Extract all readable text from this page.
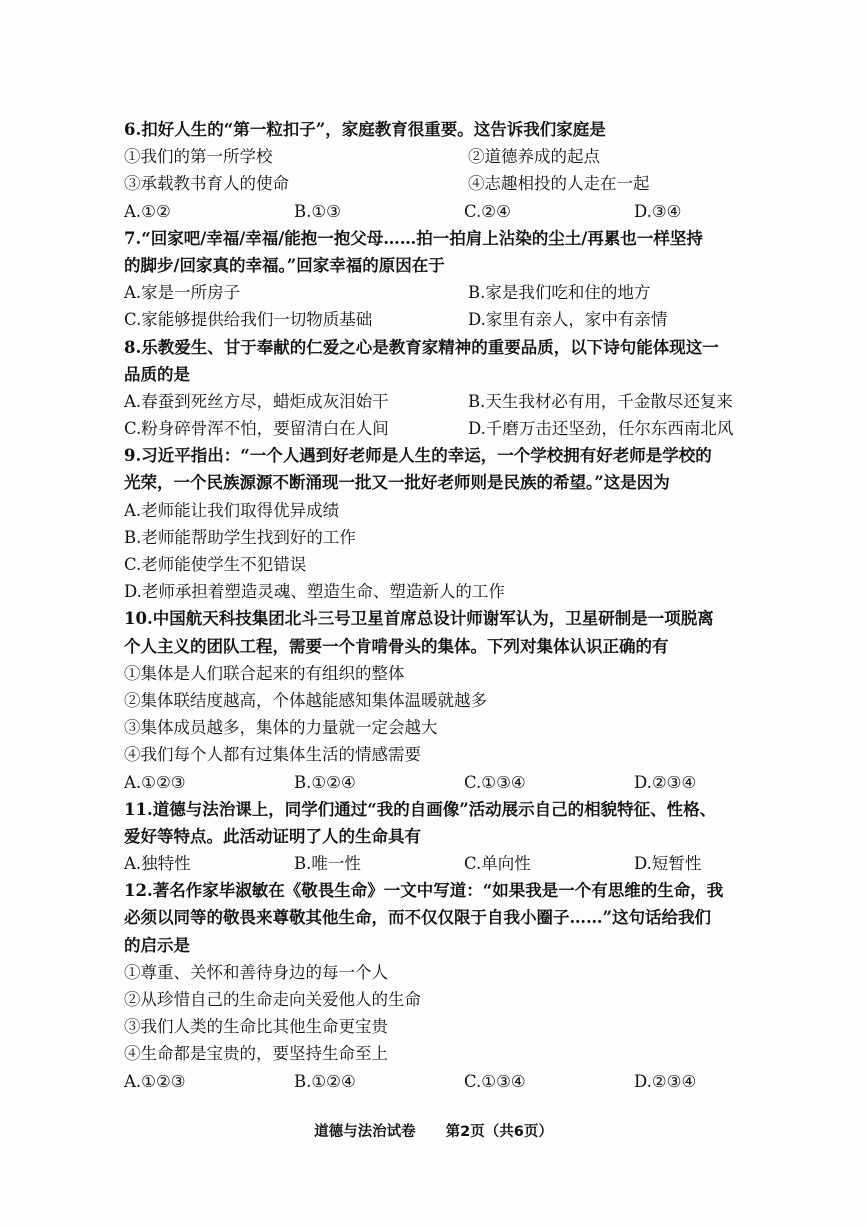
6.扣好人生的“第一粒扣子”，家庭教育很重要。这告诉我们家庭是
①我们的第一所学校	②道德养成的起点
③承载教书育人的使命	④志趣相投的人走在一起
A.①②	B.①③	C.②④	D.③④
7.“回家吧/幸福/幸福/能抱一抱父母……拍一拍肩上沾染的尘土/再累也一样坚持
的脚步/回家真的幸福。”回家幸福的原因在于
A.家是一所房子	B.家是我们吃和住的地方
C.家能够提供给我们一切物质基础	D.家里有亲人，家中有亲情
8.乐教爱生、甘于奉献的仁爱之心是教育家精神的重要品质，以下诗句能体现这一
品质的是
A.春蚕到死丝方尽，蜡炬成灰泪始干	B.天生我材必有用，千金散尽还复来
C.粉身碎骨浑不怕，要留清白在人间	D.千磨万击还坚劲，任尔东西南北风
9.习近平指出：“一个人遇到好老师是人生的幸运，一个学校拥有好老师是学校的
光荣，一个民族源源不断涌现一批又一批好老师则是民族的希望。”这是因为
A.老师能让我们取得优异成绩
B.老师能帮助学生找到好的工作
C.老师能使学生不犯错误
D.老师承担着塑造灵魂、塑造生命、塑造新人的工作
10.中国航天科技集团北斗三号卫星首席总设计师谢军认为，卫星研制是一项脱离
个人主义的团队工程，需要一个肯啃骨头的集体。下列对集体认识正确的有
①集体是人们联合起来的有组织的整体
②集体联结度越高，个体越能感知集体温暖就越多
③集体成员越多，集体的力量就一定会越大
④我们每个人都有过集体生活的情感需要
A.①②③	B.①②④	C.①③④	D.②③④
11.道德与法治课上，同学们通过“我的自画像”活动展示自己的相貌特征、性格、
爱好等特点。此活动证明了人的生命具有
A.独特性	B.唯一性	C.单向性	D.短暂性
12.著名作家毕淑敏在《敬畏生命》一文中写道：“如果我是一个有思维的生命，我
必须以同等的敬畏来尊敬其他生命，而不仅仅限于自我小圈子……”这句话给我们
的启示是
①尊重、关怀和善待身边的每一个人
②从珍惜自己的生命走向关爱他人的生命
③我们人类的生命比其他生命更宝贵
④生命都是宝贵的，要坚持生命至上
A.①②③	B.①②④	C.①③④	D.②③④
道德与法治试卷 第2页（共6页）
